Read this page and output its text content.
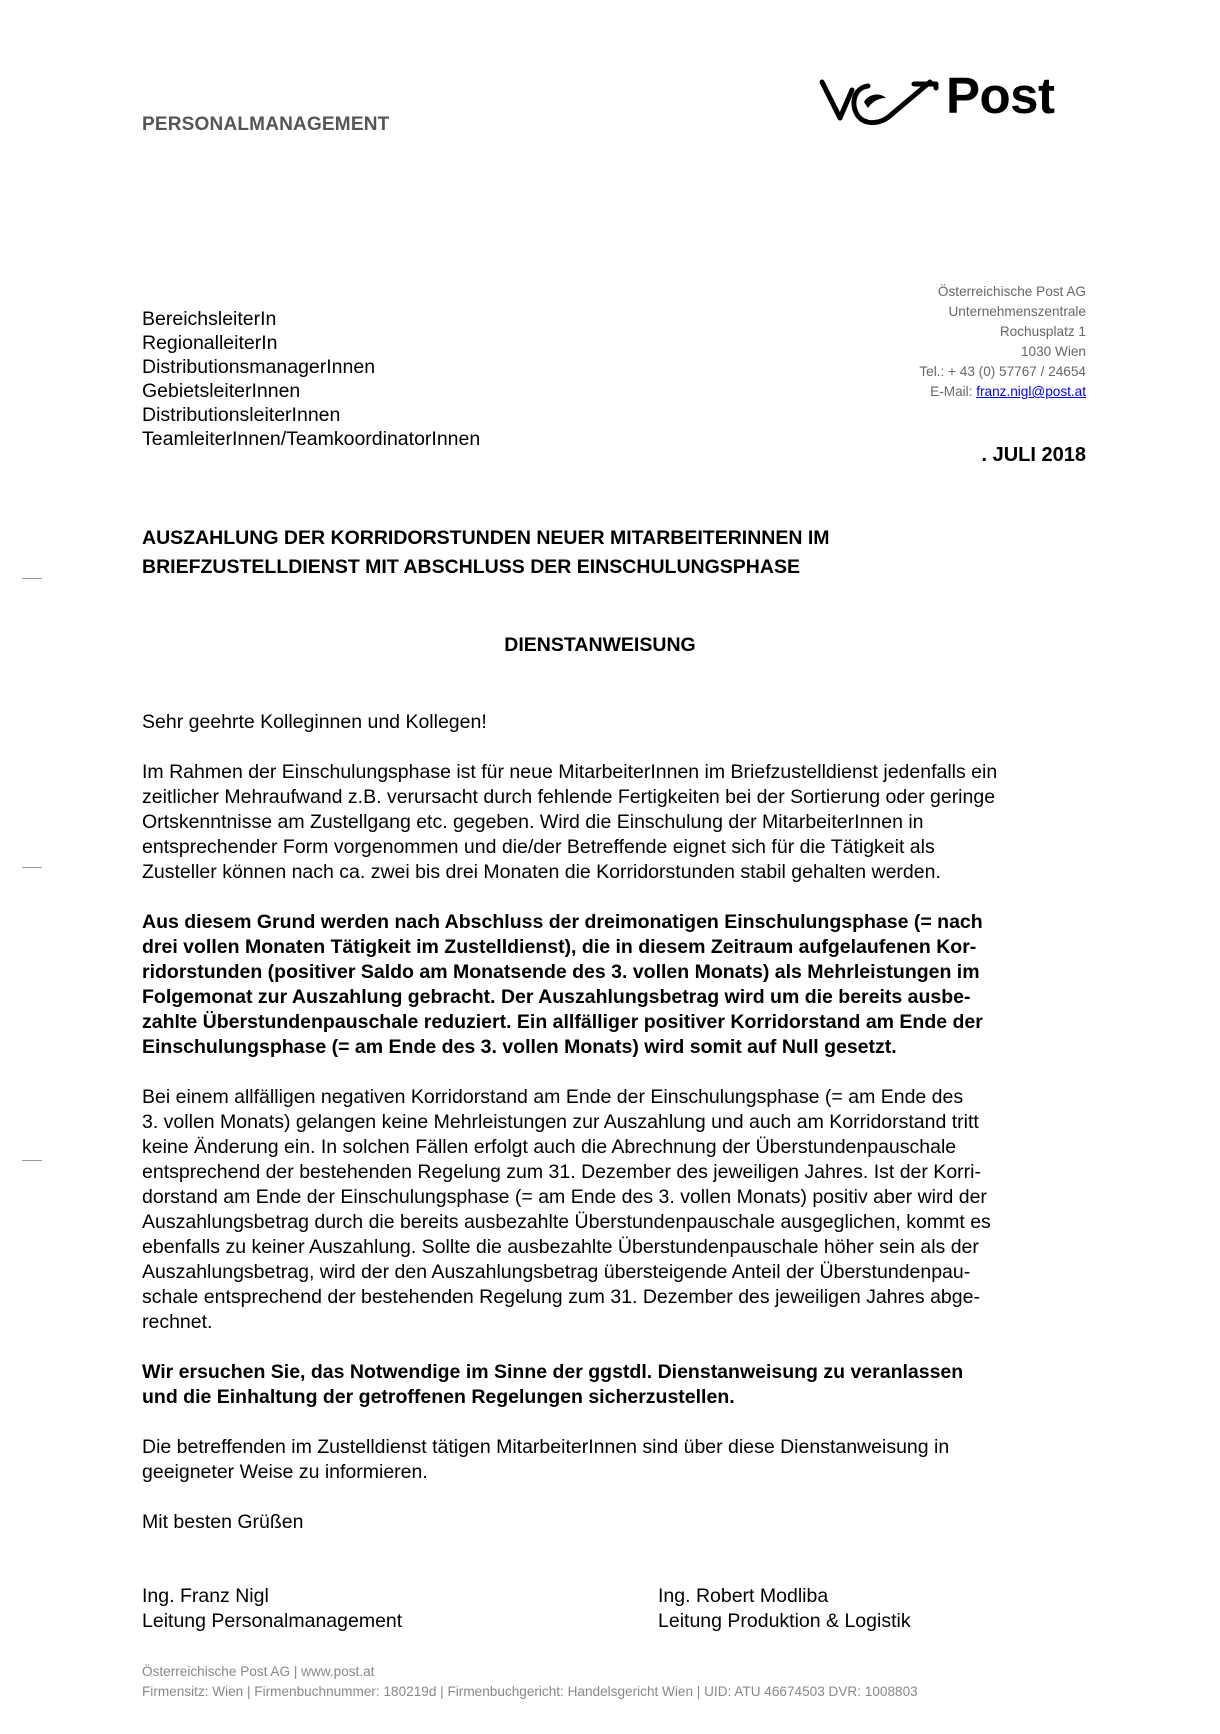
PERSONALMANAGEMENT
Post
BereichsleiterIn
RegionalleiterIn
DistributionsmanagerInnen
GebietsleiterInnen
DistributionsleiterInnen
TeamleiterInnen/TeamkoordinatorInnen
Österreichische Post AG
Unternehmenszentrale
Rochusplatz 1
1030 Wien
Tel.: + 43 (0) 57767 / 24654
E-Mail: franz.nigl@post.at
. JULI 2018
AUSZAHLUNG DER KORRIDORSTUNDEN NEUER MITARBEITERINNEN IM
BRIEFZUSTELLDIENST MIT ABSCHLUSS DER EINSCHULUNGSPHASE
DIENSTANWEISUNG

Sehr geehrte Kolleginnen und Kollegen!

Im Rahmen der Einschulungsphase ist für neue MitarbeiterInnen im Briefzustelldienst jedenfalls ein
zeitlicher Mehraufwand z.B. verursacht durch fehlende Fertigkeiten bei der Sortierung oder geringe
Ortskenntnisse am Zustellgang etc. gegeben. Wird die Einschulung der MitarbeiterInnen in
entsprechender Form vorgenommen und die/der Betreffende eignet sich für die Tätigkeit als
Zusteller können nach ca. zwei bis drei Monaten die Korridorstunden stabil gehalten werden.

Aus diesem Grund werden nach Abschluss der dreimonatigen Einschulungsphase (= nach
drei vollen Monaten Tätigkeit im Zustelldienst), die in diesem Zeitraum aufgelaufenen Kor-
ridorstunden (positiver Saldo am Monatsende des 3. vollen Monats) als Mehrleistungen im
Folgemonat zur Auszahlung gebracht. Der Auszahlungsbetrag wird um die bereits ausbe-
zahlte Überstundenpauschale reduziert. Ein allfälliger positiver Korridorstand am Ende der
Einschulungsphase (= am Ende des 3. vollen Monats) wird somit auf Null gesetzt.

Bei einem allfälligen negativen Korridorstand am Ende der Einschulungsphase (= am Ende des
3. vollen Monats) gelangen keine Mehrleistungen zur Auszahlung und auch am Korridorstand tritt
keine Änderung ein. In solchen Fällen erfolgt auch die Abrechnung der Überstundenpauschale
entsprechend der bestehenden Regelung zum 31. Dezember des jeweiligen Jahres. Ist der Korri-
dorstand am Ende der Einschulungsphase (= am Ende des 3. vollen Monats) positiv aber wird der
Auszahlungsbetrag durch die bereits ausbezahlte Überstundenpauschale ausgeglichen, kommt es
ebenfalls zu keiner Auszahlung. Sollte die ausbezahlte Überstundenpauschale höher sein als der
Auszahlungsbetrag, wird der den Auszahlungsbetrag übersteigende Anteil der Überstundenpau-
schale entsprechend der bestehenden Regelung zum 31. Dezember des jeweiligen Jahres abge-
rechnet.

Wir ersuchen Sie, das Notwendige im Sinne der ggstdl. Dienstanweisung zu veranlassen
und die Einhaltung der getroffenen Regelungen sicherzustellen.

Die betreffenden im Zustelldienst tätigen MitarbeiterInnen sind über diese Dienstanweisung in
geeigneter Weise zu informieren.

Mit besten Grüßen

Ing. Franz Nigl
Leitung Personalmanagement
Ing. Robert Modliba
Leitung Produktion & Logistik
Österreichische Post AG | www.post.at
Firmensitz: Wien | Firmenbuchnummer: 180219d | Firmenbuchgericht: Handelsgericht Wien | UID: ATU 46674503 DVR: 1008803
